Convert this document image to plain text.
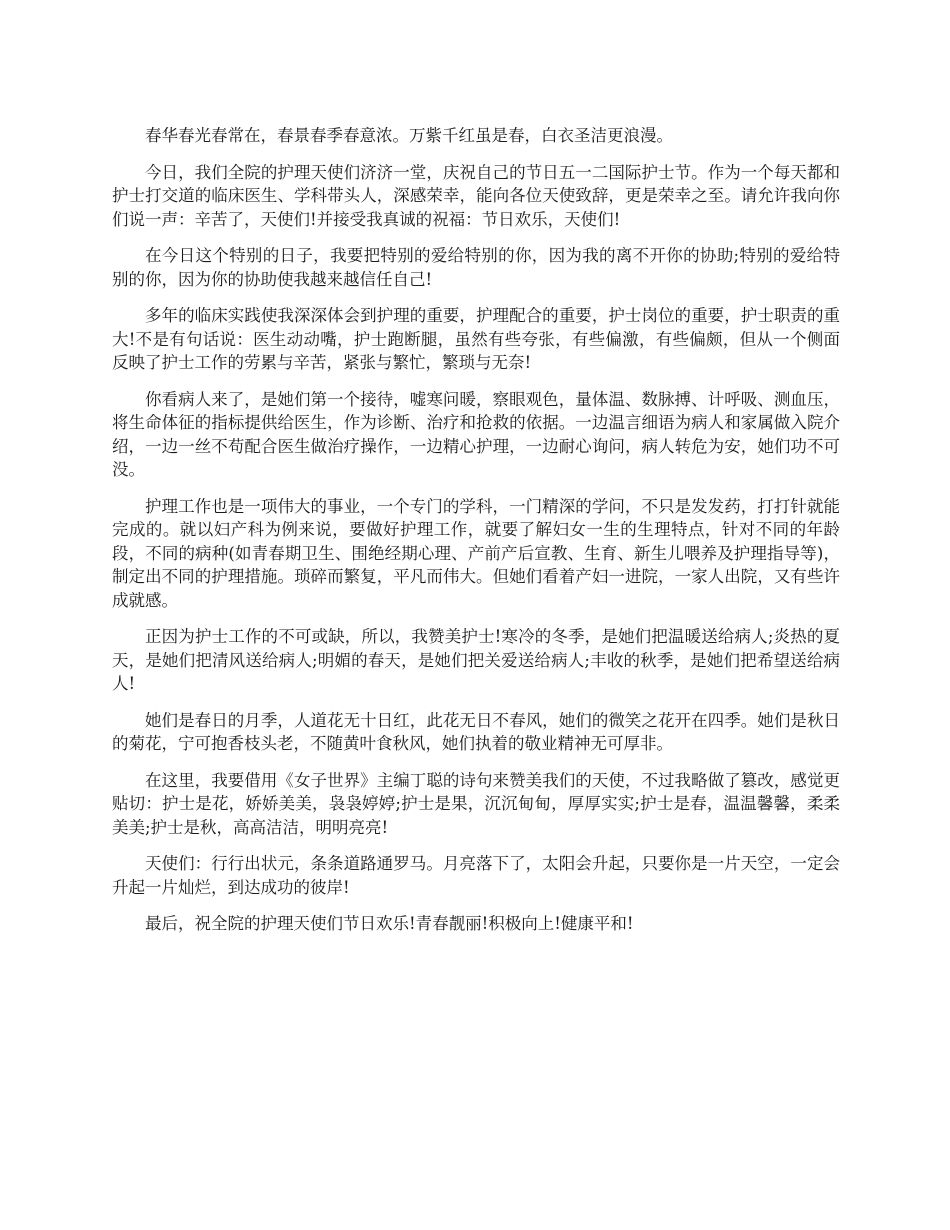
春华春光春常在，春景春季春意浓。万紫千红虽是春，白衣圣洁更浪漫。

今日，我们全院的护理天使们济济一堂，庆祝自己的节日五一二国际护士节。作为一个每天都和护士打交道的临床医生、学科带头人，深感荣幸，能向各位天使致辞，更是荣幸之至。请允许我向你们说一声：辛苦了，天使们!并接受我真诚的祝福：节日欢乐，天使们!

在今日这个特别的日子，我要把特别的爱给特别的你，因为我的离不开你的协助;特别的爱给特别的你，因为你的协助使我越来越信任自己!

多年的临床实践使我深深体会到护理的重要，护理配合的重要，护士岗位的重要，护士职责的重大!不是有句话说：医生动动嘴，护士跑断腿，虽然有些夸张，有些偏激，有些偏颇，但从一个侧面反映了护士工作的劳累与辛苦，紧张与繁忙，繁琐与无奈!

你看病人来了，是她们第一个接待，嘘寒问暖，察眼观色，量体温、数脉搏、计呼吸、测血压，将生命体征的指标提供给医生，作为诊断、治疗和抢救的依据。一边温言细语为病人和家属做入院介绍，一边一丝不苟配合医生做治疗操作，一边精心护理，一边耐心询问，病人转危为安，她们功不可没。

护理工作也是一项伟大的事业，一个专门的学科，一门精深的学问，不只是发发药，打打针就能完成的。就以妇产科为例来说，要做好护理工作，就要了解妇女一生的生理特点，针对不同的年龄段，不同的病种(如青春期卫生、围绝经期心理、产前产后宣教、生育、新生儿喂养及护理指导等)，制定出不同的护理措施。琐碎而繁复，平凡而伟大。但她们看着产妇一进院，一家人出院，又有些许成就感。

正因为护士工作的不可或缺，所以，我赞美护士!寒冷的冬季，是她们把温暖送给病人;炎热的夏天，是她们把清风送给病人;明媚的春天，是她们把关爱送给病人;丰收的秋季，是她们把希望送给病人!

她们是春日的月季，人道花无十日红，此花无日不春风，她们的微笑之花开在四季。她们是秋日的菊花，宁可抱香枝头老，不随黄叶食秋风，她们执着的敬业精神无可厚非。

在这里，我要借用《女子世界》主编丁聪的诗句来赞美我们的天使，不过我略做了篡改，感觉更贴切：护士是花，娇娇美美，袅袅婷婷;护士是果，沉沉甸甸，厚厚实实;护士是春，温温馨馨，柔柔美美;护士是秋，高高洁洁，明明亮亮!

天使们：行行出状元，条条道路通罗马。月亮落下了，太阳会升起，只要你是一片天空，一定会升起一片灿烂，到达成功的彼岸!

最后，祝全院的护理天使们节日欢乐!青春靓丽!积极向上!健康平和!
